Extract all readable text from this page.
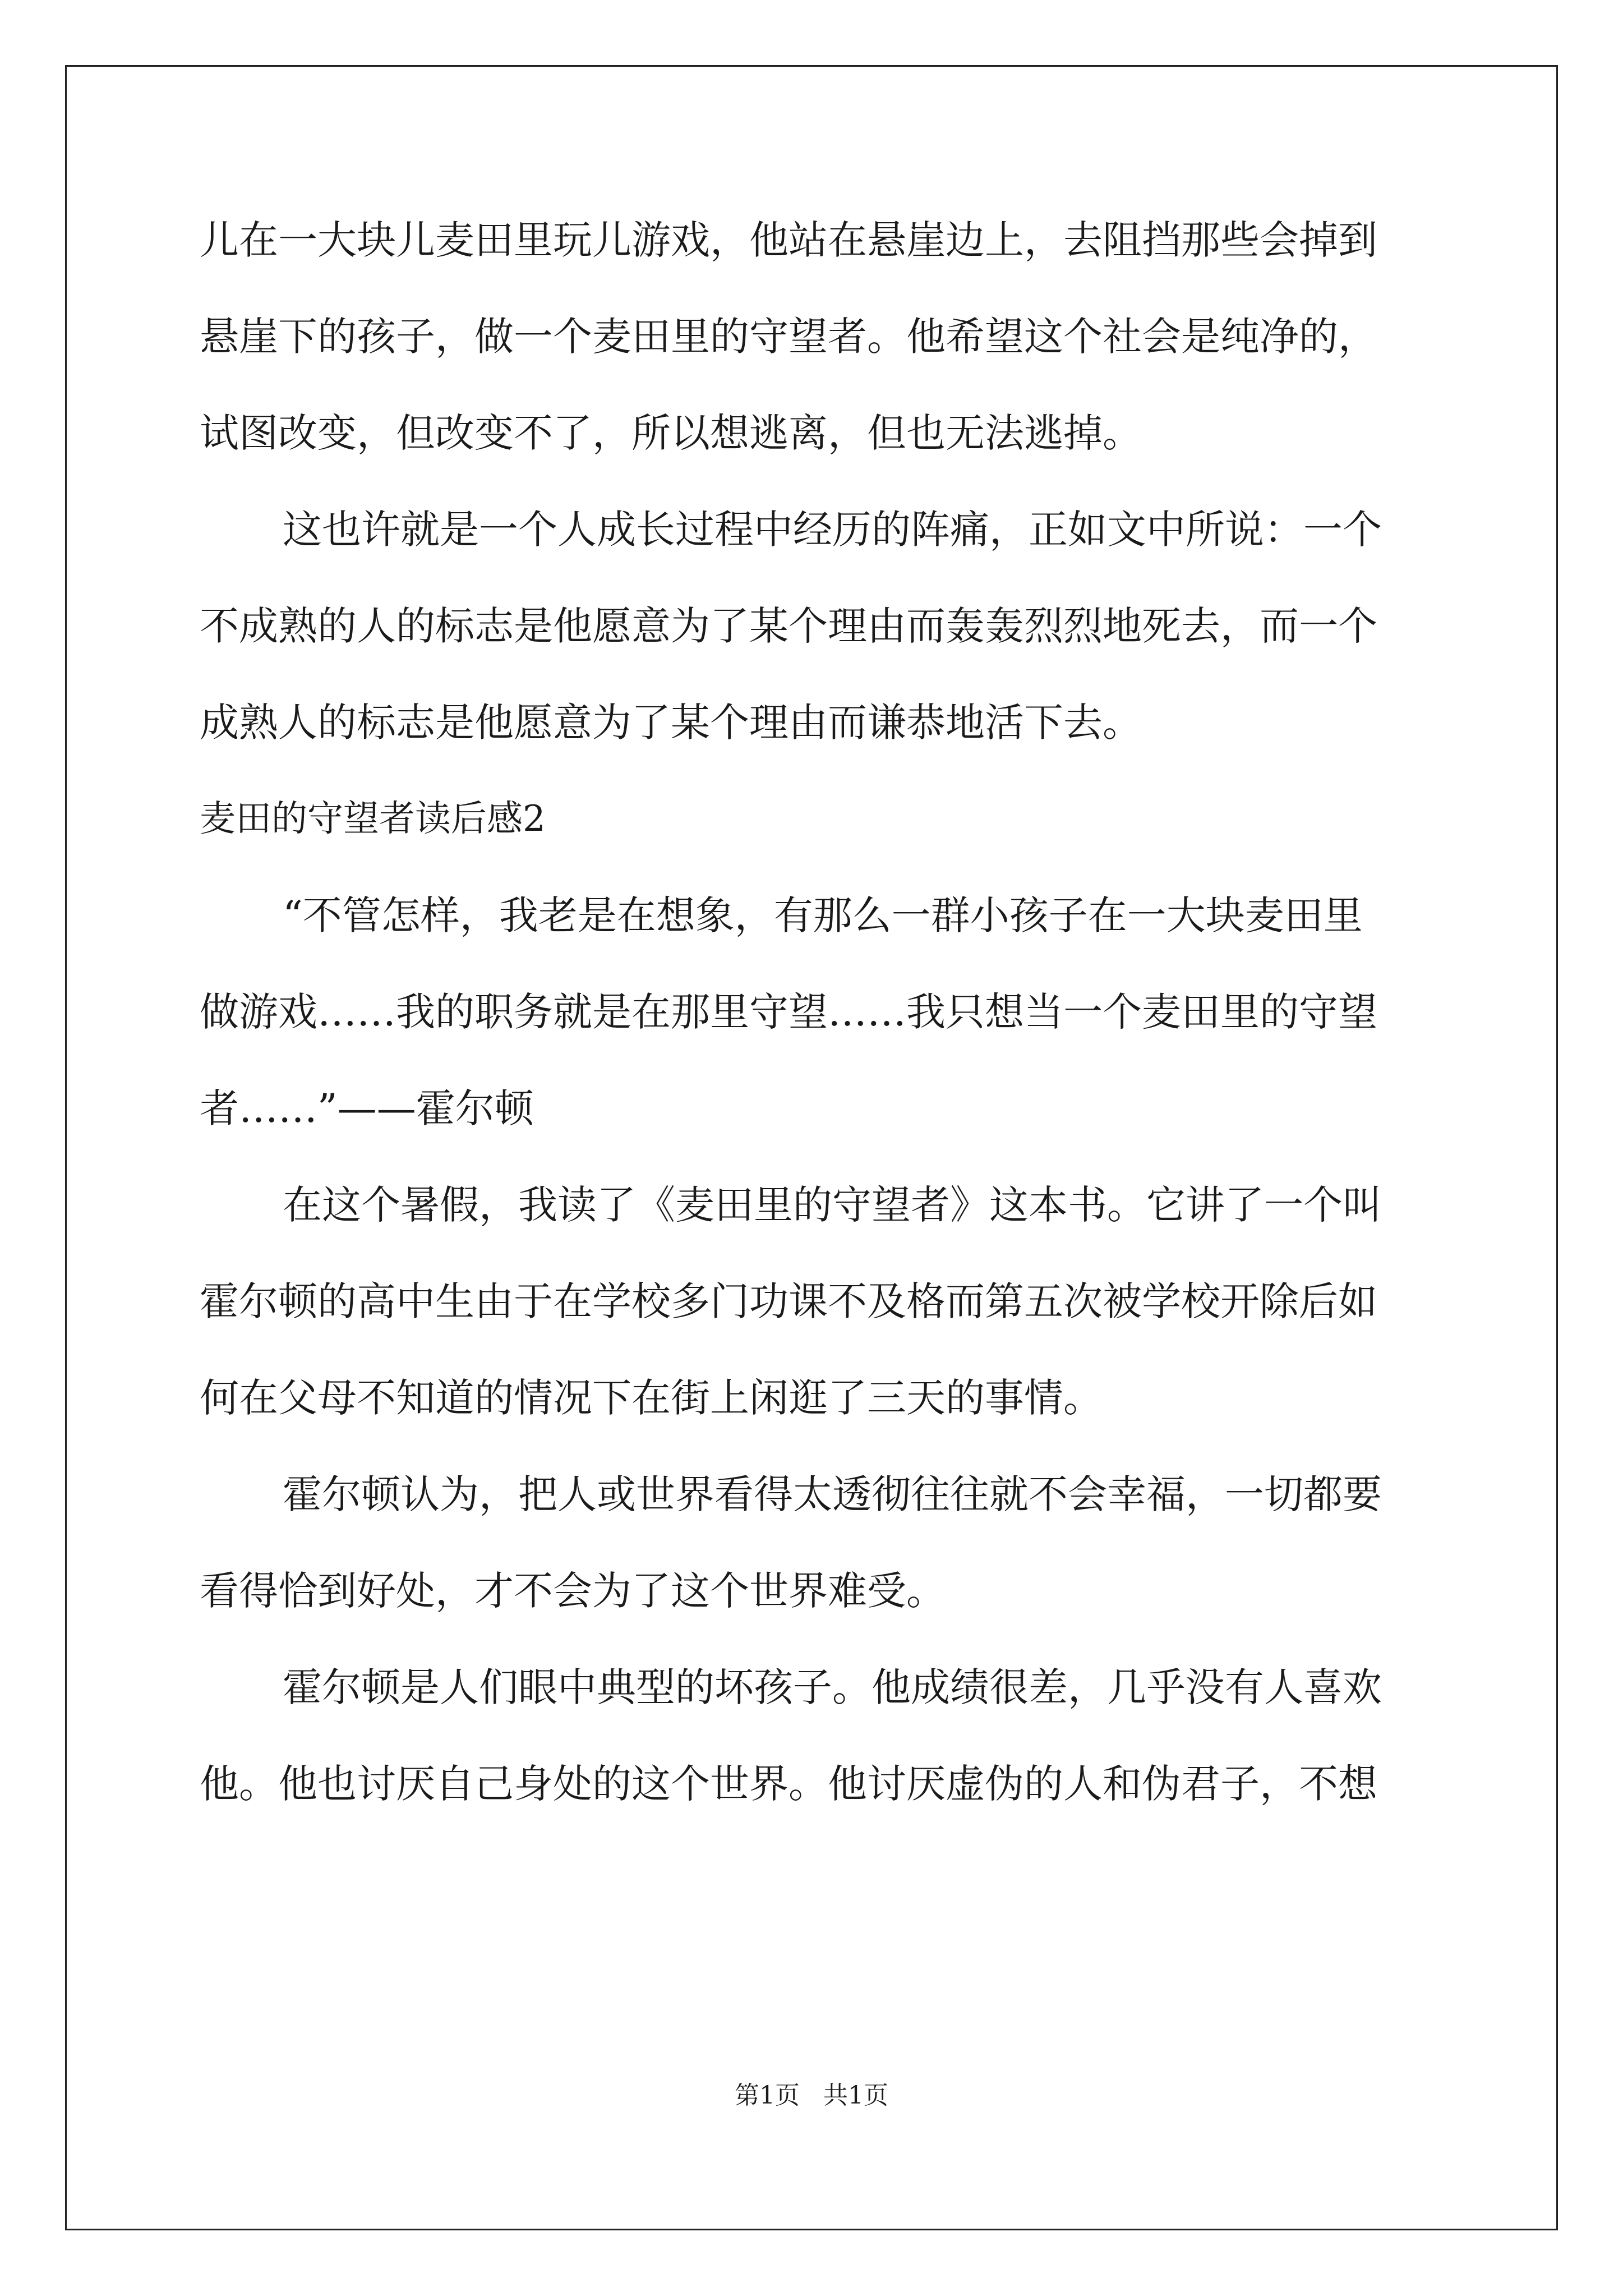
儿在一大块儿麦田里玩儿游戏，他站在悬崖边上，去阻挡那些会掉到
悬崖下的孩子，做一个麦田里的守望者。他希望这个社会是纯净的，
试图改变，但改变不了，所以想逃离，但也无法逃掉。
这也许就是一个人成长过程中经历的阵痛，正如文中所说：一个
不成熟的人的标志是他愿意为了某个理由而轰轰烈烈地死去，而一个
成熟人的标志是他愿意为了某个理由而谦恭地活下去。
麦田的守望者读后感2
“不管怎样，我老是在想象，有那么一群小孩子在一大块麦田里
做游戏……我的职务就是在那里守望……我只想当一个麦田里的守望
者……”——霍尔顿
在这个暑假，我读了《麦田里的守望者》这本书。它讲了一个叫
霍尔顿的高中生由于在学校多门功课不及格而第五次被学校开除后如
何在父母不知道的情况下在街上闲逛了三天的事情。
霍尔顿认为，把人或世界看得太透彻往往就不会幸福，一切都要
看得恰到好处，才不会为了这个世界难受。
霍尔顿是人们眼中典型的坏孩子。他成绩很差，几乎没有人喜欢
他。他也讨厌自己身处的这个世界。他讨厌虚伪的人和伪君子，不想
第1页   共1页
